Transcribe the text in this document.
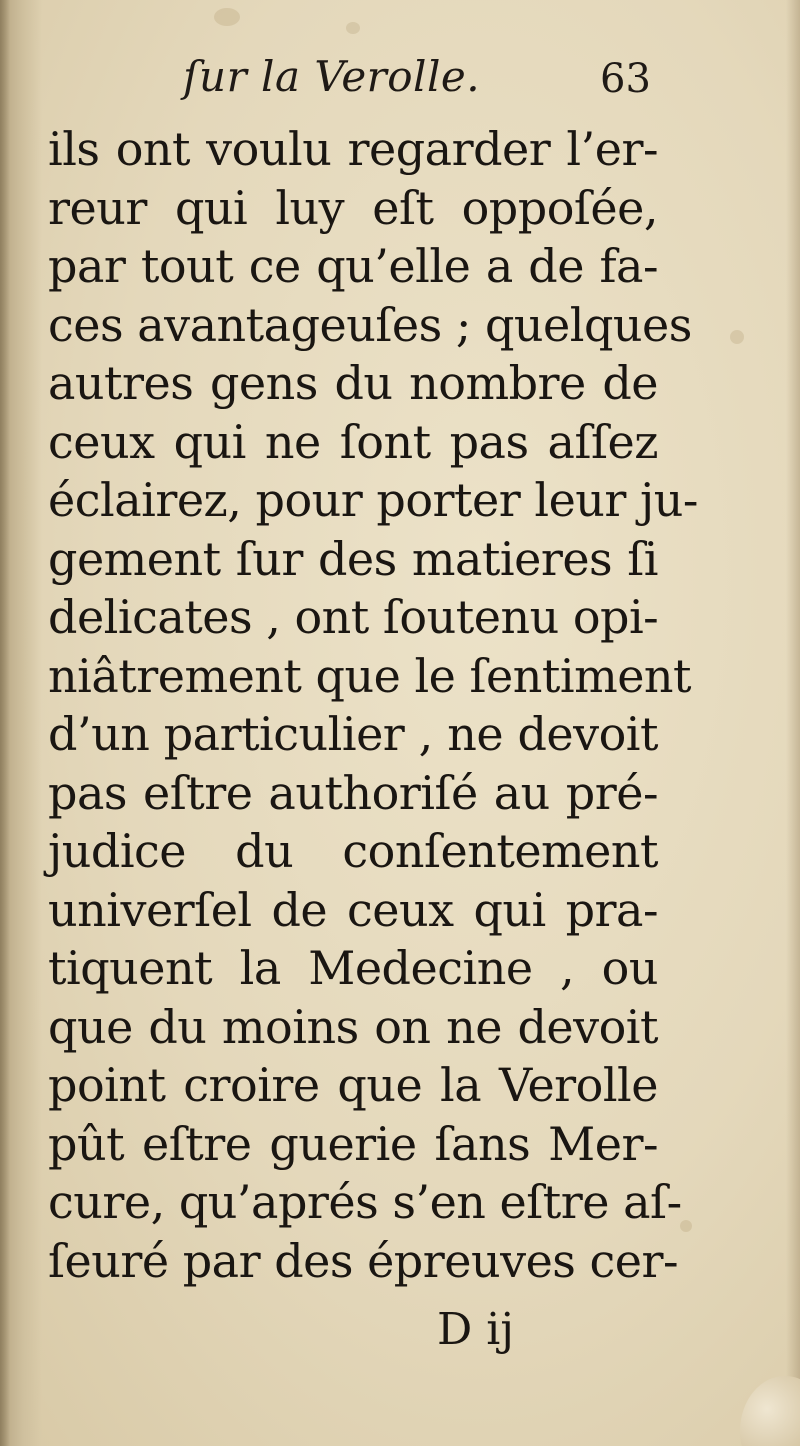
ſur la Verolle.	63
ils ont voulu regarder l’er-
reur qui luy eſt oppoſée,
par tout ce qu’elle a de fa-
ces avantageuſes ; quelques
autres gens du nombre de
ceux qui ne ſont pas aſſez
éclairez, pour porter leur ju-
gement ſur des matieres ſi
delicates , ont ſoutenu opi-
niâtrement que le ſentiment
d’un particulier , ne devoit
pas eſtre authoriſé au pré-
judice du conſentement
univerſel de ceux qui pra-
tiquent la Medecine , ou
que du moins on ne devoit
point croire que la Verolle
pût eſtre guerie ſans Mer-
cure, qu’aprés s’en eſtre aſ-
ſeuré par des épreuves cer-
D ij
